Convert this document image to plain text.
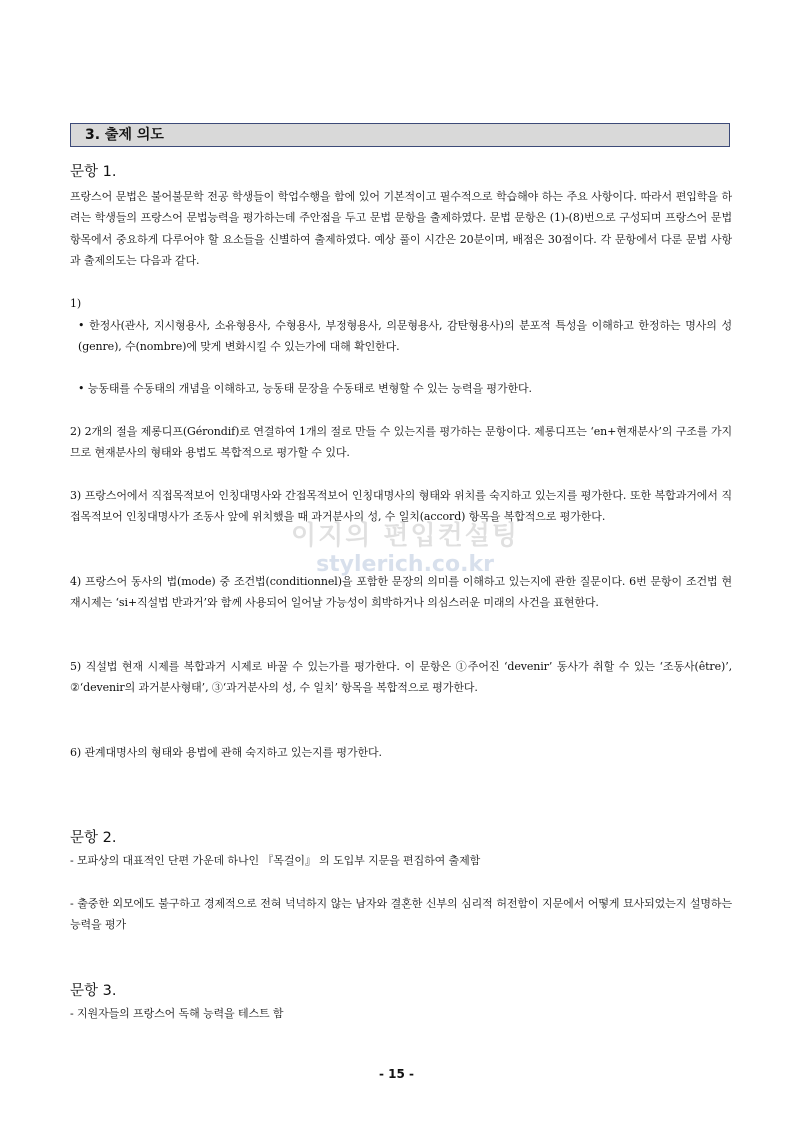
3. 출제 의도
문항 1.
프랑스어 문법은 불어불문학 전공 학생들이 학업수행을 함에 있어 기본적이고 필수적으로 학습해야 하는 주요 사항이다. 따라서 편입학을 하려는 학생들의 프랑스어 문법능력을 평가하는데 주안점을 두고 문법 문항을 출제하였다. 문법 문항은 (1)-(8)번으로 구성되며 프랑스어 문법 항목에서 중요하게 다루어야 할 요소들을 신별하여 출제하였다. 예상 풀이 시간은 20분이며, 배점은 30점이다. 각 문항에서 다룬 문법 사항과 출제의도는 다음과 같다.
1)
• 한정사(관사, 지시형용사, 소유형용사, 수형용사, 부정형용사, 의문형용사, 감탄형용사)의 분포적 특성을 이해하고 한정하는 명사의 성(genre), 수(nombre)에 맞게 변화시킬 수 있는가에 대해 확인한다.
• 능동태를 수동태의 개념을 이해하고, 능동태 문장을 수동태로 변형할 수 있는 능력을 평가한다.
2) 2개의 절을 제롱디프(Gérondif)로 연결하여 1개의 절로 만들 수 있는지를 평가하는 문항이다. 제롱디프는 ‘en+현재분사’의 구조를 가지므로 현재분사의 형태와 용법도 복합적으로 평가할 수 있다.
3) 프랑스어에서 직접목적보어 인칭대명사와 간접목적보어 인칭대명사의 형태와 위치를 숙지하고 있는지를 평가한다. 또한 복합과거에서 직접목적보어 인칭대명사가 조동사 앞에 위치했을 때 과거분사의 성, 수 일치(accord) 항목을 복합적으로 평가한다.
4) 프랑스어 동사의 법(mode) 중 조건법(conditionnel)을 포함한 문장의 의미를 이해하고 있는지에 관한 질문이다. 6번 문항이 조건법 현재시제는 ‘si+직설법 반과거’와 함께 사용되어 일어날 가능성이 희박하거나 의심스러운 미래의 사건을 표현한다.
5) 직설법 현재 시제를 복합과거 시제로 바꿀 수 있는가를 평가한다. 이 문항은 ①주어진 ‘devenir’ 동사가 취할 수 있는 ‘조동사(être)’, ②‘devenir의 과거분사형태’, ③‘과거분사의 성, 수 일치’ 항목을 복합적으로 평가한다.
6) 관계대명사의 형태와 용법에 관해 숙지하고 있는지를 평가한다.
문항 2.
- 모파상의 대표적인 단편 가운데 하나인 『목걸이』 의 도입부 지문을 편집하여 출제함
- 출중한 외모에도 불구하고 경제적으로 전혀 넉넉하지 않는 남자와 결혼한 신부의 심리적 허전함이 지문에서 어떻게 묘사되었는지 설명하는 능력을 평가
문항 3.
- 지원자들의 프랑스어 독해 능력을 테스트 함
이지의 편입컨설팅
stylerich.co.kr
- 15 -
